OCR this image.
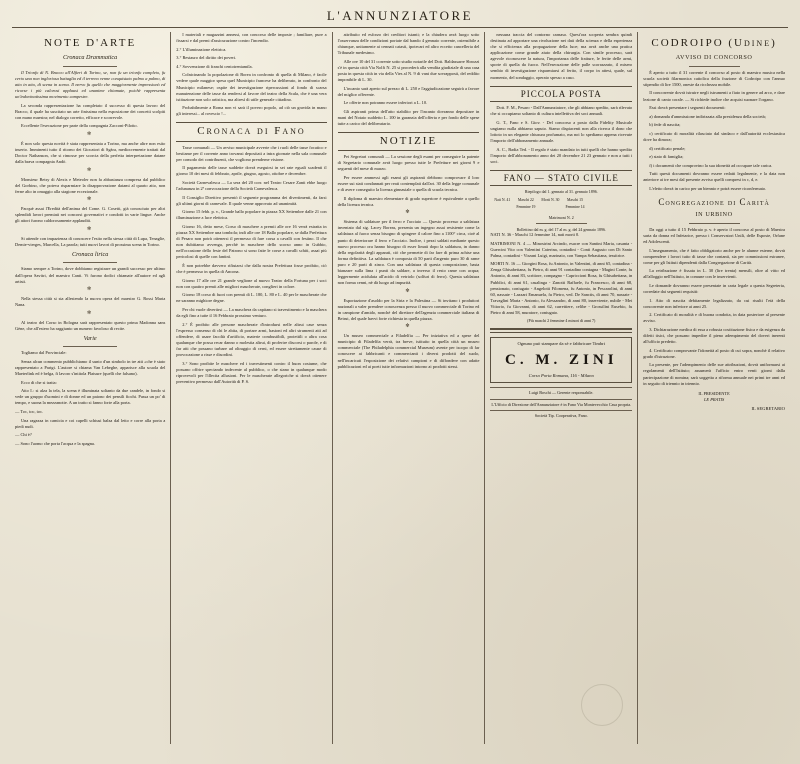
L'ANNUNZIATORE
NOTE D'ARTE
Cronaca Drammatica

Il Trionfo di N. Bracco all'Alfieri di Torino, se, non fu un trionfo completo, fu certo una non ingloriosa battaglia ed il terreno venne conquistato palmo a palmo, di atto in atto, di scena in scena. Il nervo fu quello che maggiormente impressionò ed ricorse i più calorosi applausi ed unanime chiamate, poichè rappresenta un'indovinatissima movimento campestre.

La seconda rappresentazione ha completato il successo di questa lavoro del Bracco, il quale ha suscitato un arte finissima nella esposizione dei concetti scolpiti con mano maestra; nel dialogo corretto, efficace e scorrevole.

Eccellente l'esecuzione per parte della compagnia Zacconi-Pilotto.

✻

È non solo questa novità è stata rappresentata a Torino, ma anche altre non esito inserto. Imminenti tutto il ritorno dei Giocatori di Sgàra, mediocremente trattati dal Doctor Nathanson, che si rimosse per scorcia della perfetta interpretazione datane dalla brava compagnia Andò.

✻

Monsieur Betsy di Alexis e Meteoler non fa abbastanza compresa dal pubblico del Gorbino, che poteva risparmiare la disapprovazione datami al quarto atto, non ferne alto in omaggio alla stagione eccezionale.

✻

Pacquè assai l'Eredità dell'anima del Come. G. Cosetti, già conosciuto per altri splendidi lavori premiati nei concorsi governativi e condotti in varie lingue. Anche gli attori furono caldorosamente applauditi.

✻

Si attende con impazienza di conoscere l'esito nella stessa città di Lupa, Tenaglie, Demie-vierges, Marcella, La parola; tutti nuovi lavori di prossima scena in Torino.

Cronaca lirica

Siamo sempre a Torino, dove dobbiamo registrare un grandi successo per ultimo dall'opera Savitri, del maestro Canti. Vi furono dodici chiamate all'autore ed agli artisti.

✻

Nella stessa città si sta allestendo la nuova opera del maestro G. Rossi Maria Nana.

✻

Al teatro del Corso in Bologna sarà rappresentato questo prima Madonna sans Gène, che all'estero ha raggiunto un numero favoloso di recite.

Varie

Togliamo dal Provinciale:

Senza alcun commento pubblichiamo il sunto d'un simbolo in tre atti «che è stato rappresentato a Parigi. L'autore si chiama Van Lebeghe, apparisce alla scuola del Maeterlink ed è belga, fi lavoro s'intitola Plaisure (quelli che falsano).

Ecco di che si tratta:

Atto I.: si alza la tela, la scena è illuminata soltanto da due candele, in fondo si vede un gruppo d'uomini e di donne ed un paiono dei pensili fiochi. Passa un po' di tempo, e suona la mezzanotte. A un tratto si fanno forte alla porta.

— Toc, toc, toc.

Una ragazza in camicia e coi capelli schiusi balza dal letto e corre alla porta a piedi nudi.

— Chi è?

— Sono l'uomo che porta l'acqua e la spagna.

I materiali e magazzini annessi, con concorso delle imposte ; familiare, pure a fissarsi e dal premi d'assicurazione contro l'incendio.

2.° L'illuminazione elettrica.

3.° Restauro del diritto dei poveri.

4.° Sovvenzione di franchi centotrentamila.

Colnicinando la popolazione di Borea in confronto di quella di Milano, è facile vedere quale maggior spesa quel Municipio francese ha deliberato, in confronto del Municipio milanese; ospite dei investigazione ripercussioni al fondo di scarsa manutenzione delle tasse da rendersi al favore del teatro della Scala, che è una vera istituzione non solo artistica, ma altresì di utile generale cittadino.

Probabilmente a Roma non vi sarà il povero popolo, ad ciò un gravida in mano gli interessi... al rovescio !...

Cronaca di Fano

Tasse comunali — Un avviso municipale avverte che i ruoli delle tasse focatico e bestiame per il corrente anno trovansi depositati a intra giornate nella sala comunale per comodo dei contribuenti, che vogliono prenderne visione.

Il pagamento delle tasse suddette dovrà eseguirsi in sei rate eguali scadenti il giorno 10 dei mesi di febbraio, aprile, giugno, agosto, ottobre e decembre.

Società Carnevalesca — La sera del 20 corr. nel Teatro Cesare Zanti ebbe luogo l'adunanza in 2ª convocazione della Società Carnevalesca.

Il Consiglio Direttivo presentò il seguente programma dei divertimenti, da farsi gli ultimi giorni di carnevale. Il quale venne approvato ad unanimità.

Giorno 15 febb. p. v., Grande ballo popolare in piazza XX Settembre dalle 21 con illuminazione a luce elettrica.

Giorno 16, detto mese, Corso di maschere a premii alle ore 16 verrà estratta in piazza XX Settembre una tombola; indi alle ore 18 Ballo popolare, se dalla Prefettura di Pesaro non potrà ottenersi il permesso di fare corsa a cavalli con festino. Il che non dubitiamo avvenga, perchè in maschere dello scorso anno in Gubbio, nell'occasione dello feste del Patrono si sono fatte le corse a cavalli schiti, assai più pericolosi di quelle con fantinì.

È non potrebbe davvero rifiutarsi che dalla nostra Prefettura fosse proibito, ciò che è permesso in quella di Ancona.

Giorno 17 alle ore 21 grande veglione al nuovo Teatro della Fortuna per i soci non con quattro premii alle migliori mascherate, conglieri in colore.

Giorno 18 corso di fuori con premii di L. 180, L. 80 e L. 40 per le mascherate che ne saranno mighiore degne.

Per chi vuole divertirsi — La maschera da capitano si travestimento e la maschera da egli fino a tutte il 16 Febbraio prossimo venturo.

2.° È proibito alle persone mascherate d'introdursi nelle altrui case senza l'espresso consenso di chi le abita, di portare armi, bastoni ed altri strumenti atti ad offendere, di usare facoltà d'artificio, materie combustibili, proiettili o altra cosa qualunque che possa recar danno o molestia altrui, di proferire discorsi o parole, e di far atti che possano turbare ad oltraggio di cerni, ed essere strettamente cause di provocazione a risse e disordini.

3.° Sono proibite le maschere ed i travestimenti contro il buon costume, che possano offrire speciando indecente al pubblico, o che siano in qualunque modo riprovevoli per l'illecita allusioni. Per le mascherate allegoriche si dovrà ottenere preventivo permesso dall'Autorità di P. S.

attribuito ed esforzo dei creditori istanti; e la chiudera avrà luogo sotto l'osservanza delle condizioni portate dal bando 4 gennaio corrente, ostensibile a chiunque, unitamente ai cennati catasti, ipotecari ed altro eccetto cancelleria del Tribunale medesimo.

Alle ore 10 del 31 corrente sotto studio notarile del Dott. Baldassarre Sbrozzi s'è in questa città Via Nolfi N. 25 si procederà alla vendita giudiziale di una casa posta in questa città in via della Vies al N. 9 di vani due sovrapposti, del reddito imponibile di L. 30.

L'incanto sarà aperto sul prezzo di L. 250 e l'aggiudicazione seguirà a favore del miglior offerente.

Le offerte non potranno essere inferiori a L. 10.

Gli aspiranti prima dell'atto stabilito per l'incanto dovranno depositare in mani del Notaio suddetto L. 100 in garanzia dell'offerta e per fondo delle spese tutte a carico del deliberatario.

NOTIZIE

Pei Segretari comunali — La sessione degli esami per conseguire la patente di Segretario comunale avrà luogo presso tutte le Prefetture nei giorni 9 e seguenti del mese di marzo.

Per essere ammessi agli esami gli aspiranti debbono comprovare il loro essere sui stati condannati per reati contemplati dall'art. 30 della legge comunale e di avere conseguito la licenza ginnasiale o quella di scuola tecnica.

Il diploma di maestro elementare di grado superiore è equivalente a quello della licenza tecnica.

✻

Sistema di saldature per il ferro e l'acciaio — Questo processo a saldatura inventato dal sig. Lacey Boreas, presenta un ingegno assai resistente come la saldatura al fuoco senza bisogno di spingere il calore fino a 1100° circa, cioè al punto di deteriorare il ferro e l'acciaio. Inoltre, i pezzi saldati mediante questo nuovo processo ora hanno bisogno di esser limati dopo la saldatura, in danno della regolarità degli apparati, ciò che permette di far fare di prima achise una forma definitiva. La saldatura è composta di 50 parti d'argento puro 30 di rame puro e 20 parti di zinco. Con una saldatura di questa composizione, basta bianzare sulla lima i punti da saldare, a inverso il resto rame con acqua; leggermente acidulata all'acido di vetriolo (solfuri di ferro). Questa saldatura non forma cenni, nè dà luogo ad impurità.

✻

Esportazione d'asoldo per la Siria e la Palestina — Si invitano i produttori nazionali a valer prendere conoscenza presso il nuovo commerciale di Torino ed in campione d'amido, nonchè del direttore dell'agenzia commerciale italiana di Beirut, del quale havvi forte richiesta in quella piazza.

✻

Un museo commerciale a Filadelfia — Per iniziativa ed a spese del municipio di Filadelfia verrà, tra breve, istituito in quella città un museo commerciale (The Philadelphia commercial Museum) avente per iscopo di far conoscere ai fabbricanti e commercianti i diversi prodotti del suolo, nell'incaricati l'esposizione dei relativi campioni e di diffondere con adatte pubblicazioni ed ai poeti tutte informazioni intorno ai prodotti stessi.

nessuna traccia del contorno carnaso. Quest'ora scoperta sembra quindi destinata ad apportare una rivoluzione nei dati della scienza e della esperienza che si efficienza alla propagazione della luce; ma avrà anche una pratica applicazione come grande aiuto della chirurgia. Con simile processo, sarà agevole riconoscere la natura, l'importanza delle fratture, le ferite delle armi, sporte di quella da fuoco. Nell'esecuzione delle palle scorrazzato, il misero sembio di investigazione risparmiarsi al ferito, il corpo in attesi, quale, sul momento, del sondaggio, operato spesso a caso.

PICCOLA POSTA

Dott. F. M., Pesaro - Dall'Annunziatore, che gli abbiano spedito, sarà rilevato che si occupiamo soltanto di cultura intellettiva dei soci annuali.

G. T., Fano e S. Giov. - Del concorso a posto dalla Fidelity Musicale ungiamo nulla abbiamo saputo. Siamo dispiacenti non alla ricerca il dono che lottoto in un elegante chiusura profumato, ma noi lo spediamo appena ricevute l'importo dell'abbonamento annuale.

A. C., Badia Ted. - Il regalo è stato mandato in tutti quelli che hanno spedito l'importo dell'abbonamento anno dei 20 decembre 21 23 gennaio e non a tutti i soci.

FANO — STATO CIVILE
Riepilogo dal 1. gennaio al 31. gennaio 1896.
Nati N. 41	Maschi 22	Morti N. 30	Maschi 15
	Femmine 19		Femmine 14
Matrimoni N. 2
Bollettino dal m. g. del 17 al m. g. del 24 gennaio 1896.

NATI N. 36 - Maschi 12 femmine 14, nati morti 0.

MATRIMONI N. 4 — Minostrini Arcindo, esacre con Santini Maria, casanta - Guercini Vito con Valentini Caterina, contadini - Conti Augusto con Di Santo Palma, contadini - Virzani Luigi, marinaio, con Vampa Sebastiana, tessitrice.

MORTI N. 16 — Giorgini Rosa, fu Antonio, in Valentini, di anni 65, contadina - Zenga Ghisabettana, fu Pietro, di anni 91 contadino contagna - Magini Conte, fu Antonio, di anni 83, scrittore, compagno - Capriccioni Rosa, fu Ghisabettana, in Pubblici, di anni 61, casalinga - Zanotti Raffaele, fu Francesco, di anni 68, pensionato, coniugato - Angelotti Filomena, fu Antonio, in Pescarolini, di anni 60, nassate - Lazzari Emanuela, fu Pietro, ved. De Sanctis, di anni 70, nassate - Travaglini Maria - Antonio, fu Alessandro, di anni 80, inserviente, nubile - Mei Vittorio, fu Giovanni, di anni 62, carrettiere, celibe - Grossilini Eusebio, fu Pietro di anni 58, muratore, coniugato.

(Più maschi 2 femmine 4 minori di anni 7)

Ognuno può stampare da sè e fabbricare Timbri
C. M. ZINI
Corso Porta Romana, 116 - Milano
Luigi Boschi — Gerente responsabile.
L'Ufficio di Direzione dell'Annunziatore è in Fano Via Montevecchio Casa propria.
Società Tip. Cooperativa, Fano.
CODROIPO (Udine)
AVVISO DI CONCORSO

È aperto a tutto il 31 corrente il concorso al posto di maestro musica nella scuola società filarmonica cattolica della frazione di Codroipo con l'annuo stipendio di lire 1500, oneste da ricchezza mobile.

Il concorrente dovrà istruire negli istrumenti a fiato in genere ad arco, e dare lezione di canto corale. — Si richiede inoltre che acquisi suonare l'organo.

Essi dovrà presentare i seguenti documenti:

a) domanda d'ammissione indirizzata alla presidenza della società;

b) fede di nascita;

c) certificato di moralità rilasciato dal sindaco e dall'autorità ecclesiastica dove ha dimora;

d) certificato penale;

e) stato di famiglia;

f) i documenti che comprovino la sua idoneità ad occupare tale carica.

Tutti questi documenti dovranno essere redatti legalmente, e la data non anteriore ai tre mesi dal presente avviso quelli compresi in c, d, e.

L'eletto dovrà in carico per un biennio e potrà essere riconfermato.

Congregazione di Carità
IN URBINO

Da oggi a tutto il 15 Febbraio p. v. è aperto il concorso al posto di Maestra sarta da donna ed Infetarice, presso i Conservatori Unili, delle Esposte, Orfane ed Adolescenti.

L'insegnamento, che è fatto obbligatorio anche per le alunne esterne, dovrà comprendere i lavori tutto di tasse che contanti, sia per commissioni estranee, come per gli Istituti dipendenti dalla Congregazione di Carità.

La retribuzione è fissata in L. 30 (lire trenta) mensili, oltre al vitto ed all'alloggio nell'Istituto, in comune con le inservienti.

Le domande dovranno essere presentate in carta legale a questa Segreteria, corredate dai seguenti requisiti:

1. Atto di nascita debitamente legalizzato, da cui risulti l'età della concorrente non inferiore ai anni 25.

2. Certificato di moralità e di buona condotta, in data posteriore al presente avviso.

3. Dichiarazione medica di essa a robusta costituzione fisica e da esigenza da difetti tisici, che possano impedire il pieno adempimento del doveri inerenti all'ufficio predetto.

4. Certificato comprovante l'idoneità al posto di cui sopra, nonchè il relativo grado d'istruzione.

La presente, per l'adempimento delle sue attribuzioni, dovrà uniformarsi ai regolamenti dell'Istituto; assumerà l'ufficio entro venti giorni dalla partecipazione di nomina; sarà soggetta a riforma annuale nei primi tre anni ed in seguito di triennio in triennio.

IL PRESIDENTE
LE PRATIS
IL SEGRETARIO
